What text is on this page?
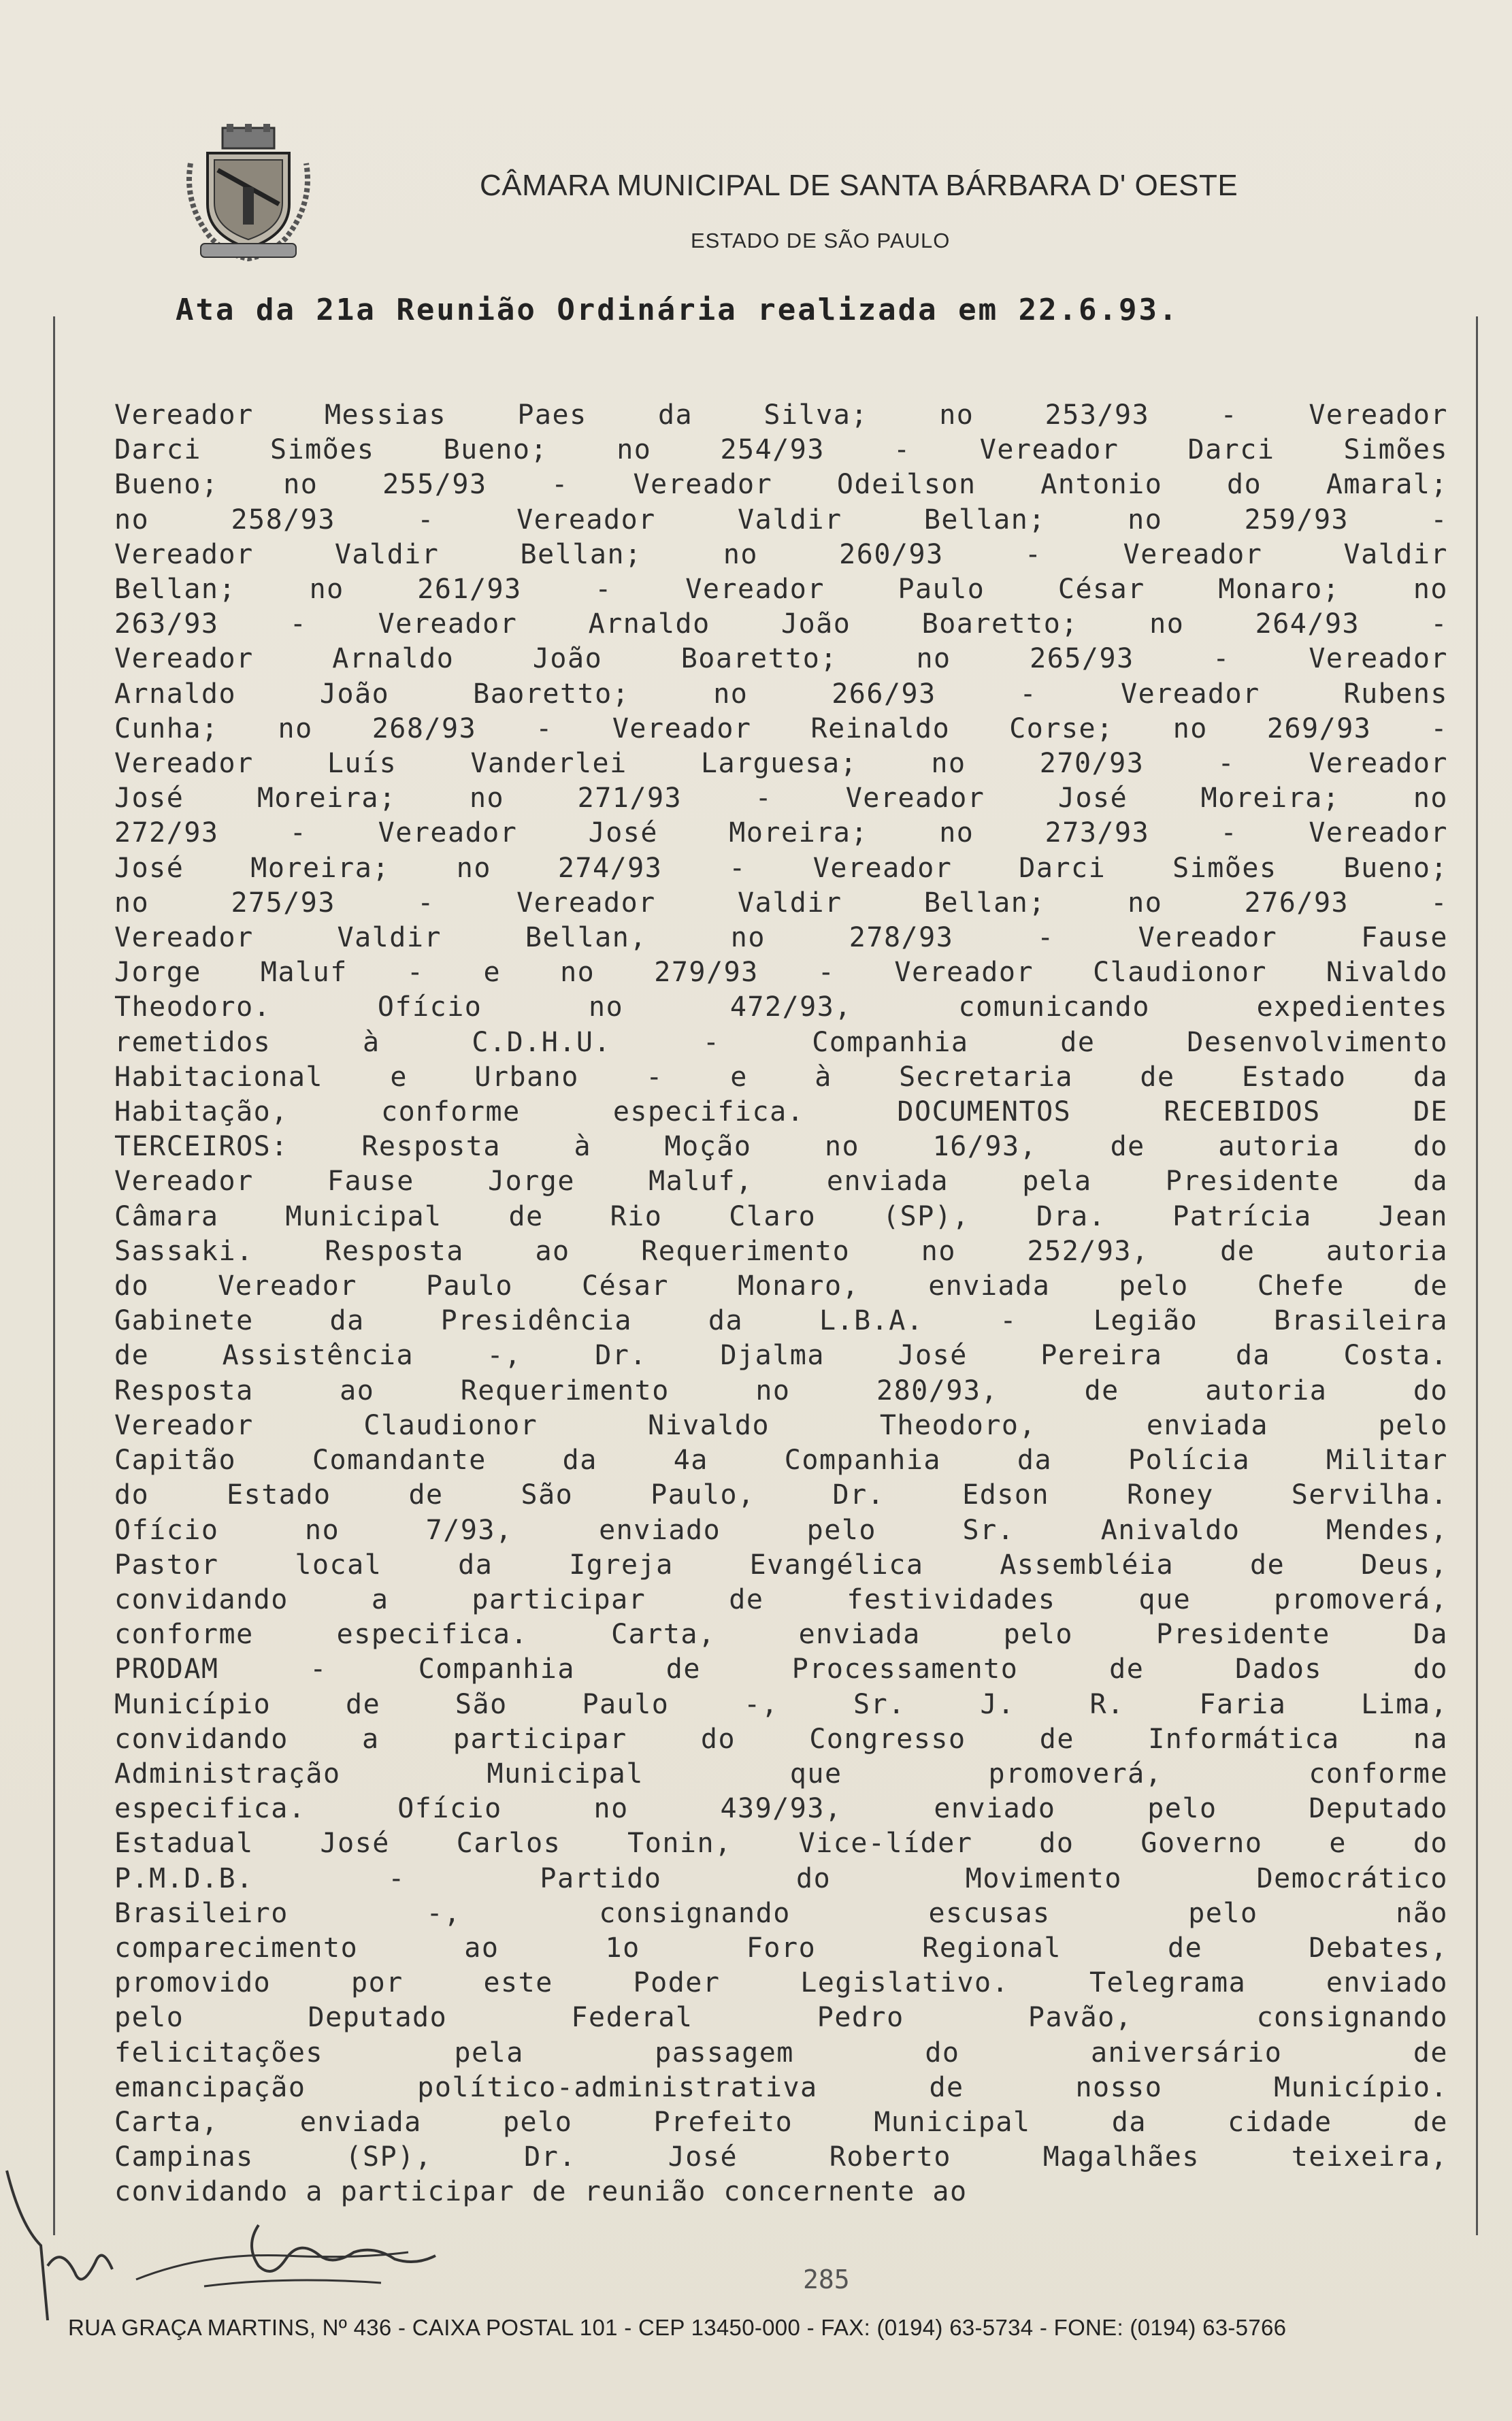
CÂMARA MUNICIPAL DE SANTA BÁRBARA D' OESTE
ESTADO DE SÃO PAULO
Ata da 21a Reunião Ordinária realizada em 22.6.93.
Vereador Messias Paes da Silva; no 253/93 - Vereador
Darci Simões Bueno; no 254/93 - Vereador Darci Simões
Bueno; no 255/93 - Vereador Odeilson Antonio do Amaral;
no 258/93 - Vereador Valdir Bellan; no 259/93 -
Vereador Valdir Bellan; no 260/93 - Vereador Valdir
Bellan; no 261/93 - Vereador Paulo César Monaro; no
263/93 - Vereador Arnaldo João Boaretto; no 264/93 -
Vereador Arnaldo João Boaretto; no 265/93 - Vereador
Arnaldo João Baoretto; no 266/93 - Vereador Rubens
Cunha; no 268/93 - Vereador Reinaldo Corse; no 269/93 -
Vereador Luís Vanderlei Larguesa; no 270/93 - Vereador
José Moreira; no 271/93 - Vereador José Moreira; no
272/93 - Vereador José Moreira; no 273/93 - Vereador
José Moreira; no 274/93 - Vereador Darci Simões Bueno;
no 275/93 - Vereador Valdir Bellan; no 276/93 -
Vereador Valdir Bellan, no 278/93 - Vereador Fause
Jorge Maluf - e no 279/93 - Vereador Claudionor Nivaldo
Theodoro. Ofício no 472/93, comunicando expedientes
remetidos à C.D.H.U. - Companhia de Desenvolvimento
Habitacional e Urbano - e à Secretaria de Estado da
Habitação, conforme especifica. DOCUMENTOS RECEBIDOS DE
TERCEIROS: Resposta à Moção no 16/93, de autoria do
Vereador Fause Jorge Maluf, enviada pela Presidente da
Câmara Municipal de Rio Claro (SP), Dra. Patrícia Jean
Sassaki. Resposta ao Requerimento no 252/93, de autoria
do Vereador Paulo César Monaro, enviada pelo Chefe de
Gabinete da Presidência da L.B.A. - Legião Brasileira
de Assistência -, Dr. Djalma José Pereira da Costa.
Resposta ao Requerimento no 280/93, de autoria do
Vereador Claudionor Nivaldo Theodoro, enviada pelo
Capitão Comandante da 4a Companhia da Polícia Militar
do Estado de São Paulo, Dr. Edson Roney Servilha.
Ofício no 7/93, enviado pelo Sr. Anivaldo Mendes,
Pastor local da Igreja Evangélica Assembléia de Deus,
convidando a participar de festividades que promoverá,
conforme especifica. Carta, enviada pelo Presidente Da
PRODAM - Companhia de Processamento de Dados do
Município de São Paulo -, Sr. J. R. Faria Lima,
convidando a participar do Congresso de Informática na
Administração Municipal que promoverá, conforme
especifica. Ofício no 439/93, enviado pelo Deputado
Estadual José Carlos Tonin, Vice-líder do Governo e do
P.M.D.B. - Partido do Movimento Democrático
Brasileiro -, consignando escusas pelo não
comparecimento ao 1o Foro Regional de Debates,
promovido por este Poder Legislativo. Telegrama enviado
pelo Deputado Federal Pedro Pavão, consignando
felicitações pela passagem do aniversário de
emancipação político-administrativa de nosso Município.
Carta, enviada pelo Prefeito Municipal da cidade de
Campinas (SP), Dr. José Roberto Magalhães teixeira,
convidando a participar de reunião concernente ao
285
RUA GRAÇA MARTINS, Nº 436 - CAIXA POSTAL 101 - CEP 13450-000 - FAX: (0194) 63-5734 - FONE: (0194) 63-5766
